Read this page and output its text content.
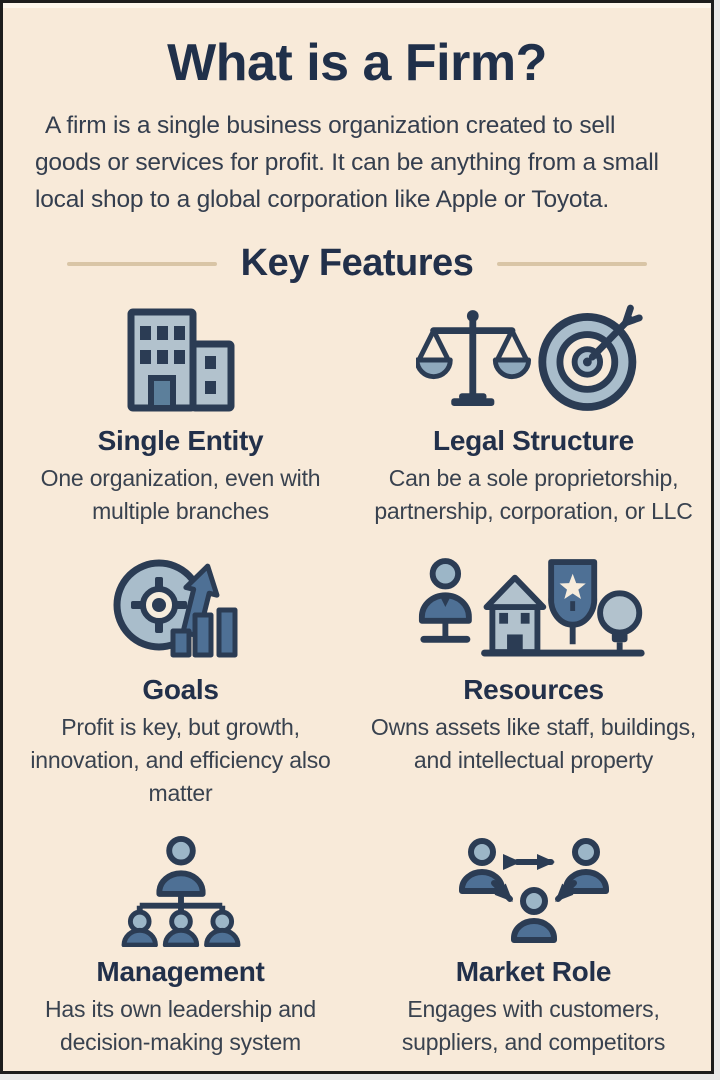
What is a Firm?

A firm is a single business organization created to sell goods or services for profit. It can be anything from a small local shop to a global corporation like Apple or Toyota.

Key Features
Single Entity
One organization, even with multiple branches
Legal Structure
Can be a sole proprietorship, partnership, corporation, or LLC
Goals
Profit is key, but growth, innovation, and efficiency also matter
Resources
Owns assets like staff, buildings, and intellectual property
Management
Has its own leadership and decision-making system
Market Role
Engages with customers, suppliers, and competitors
